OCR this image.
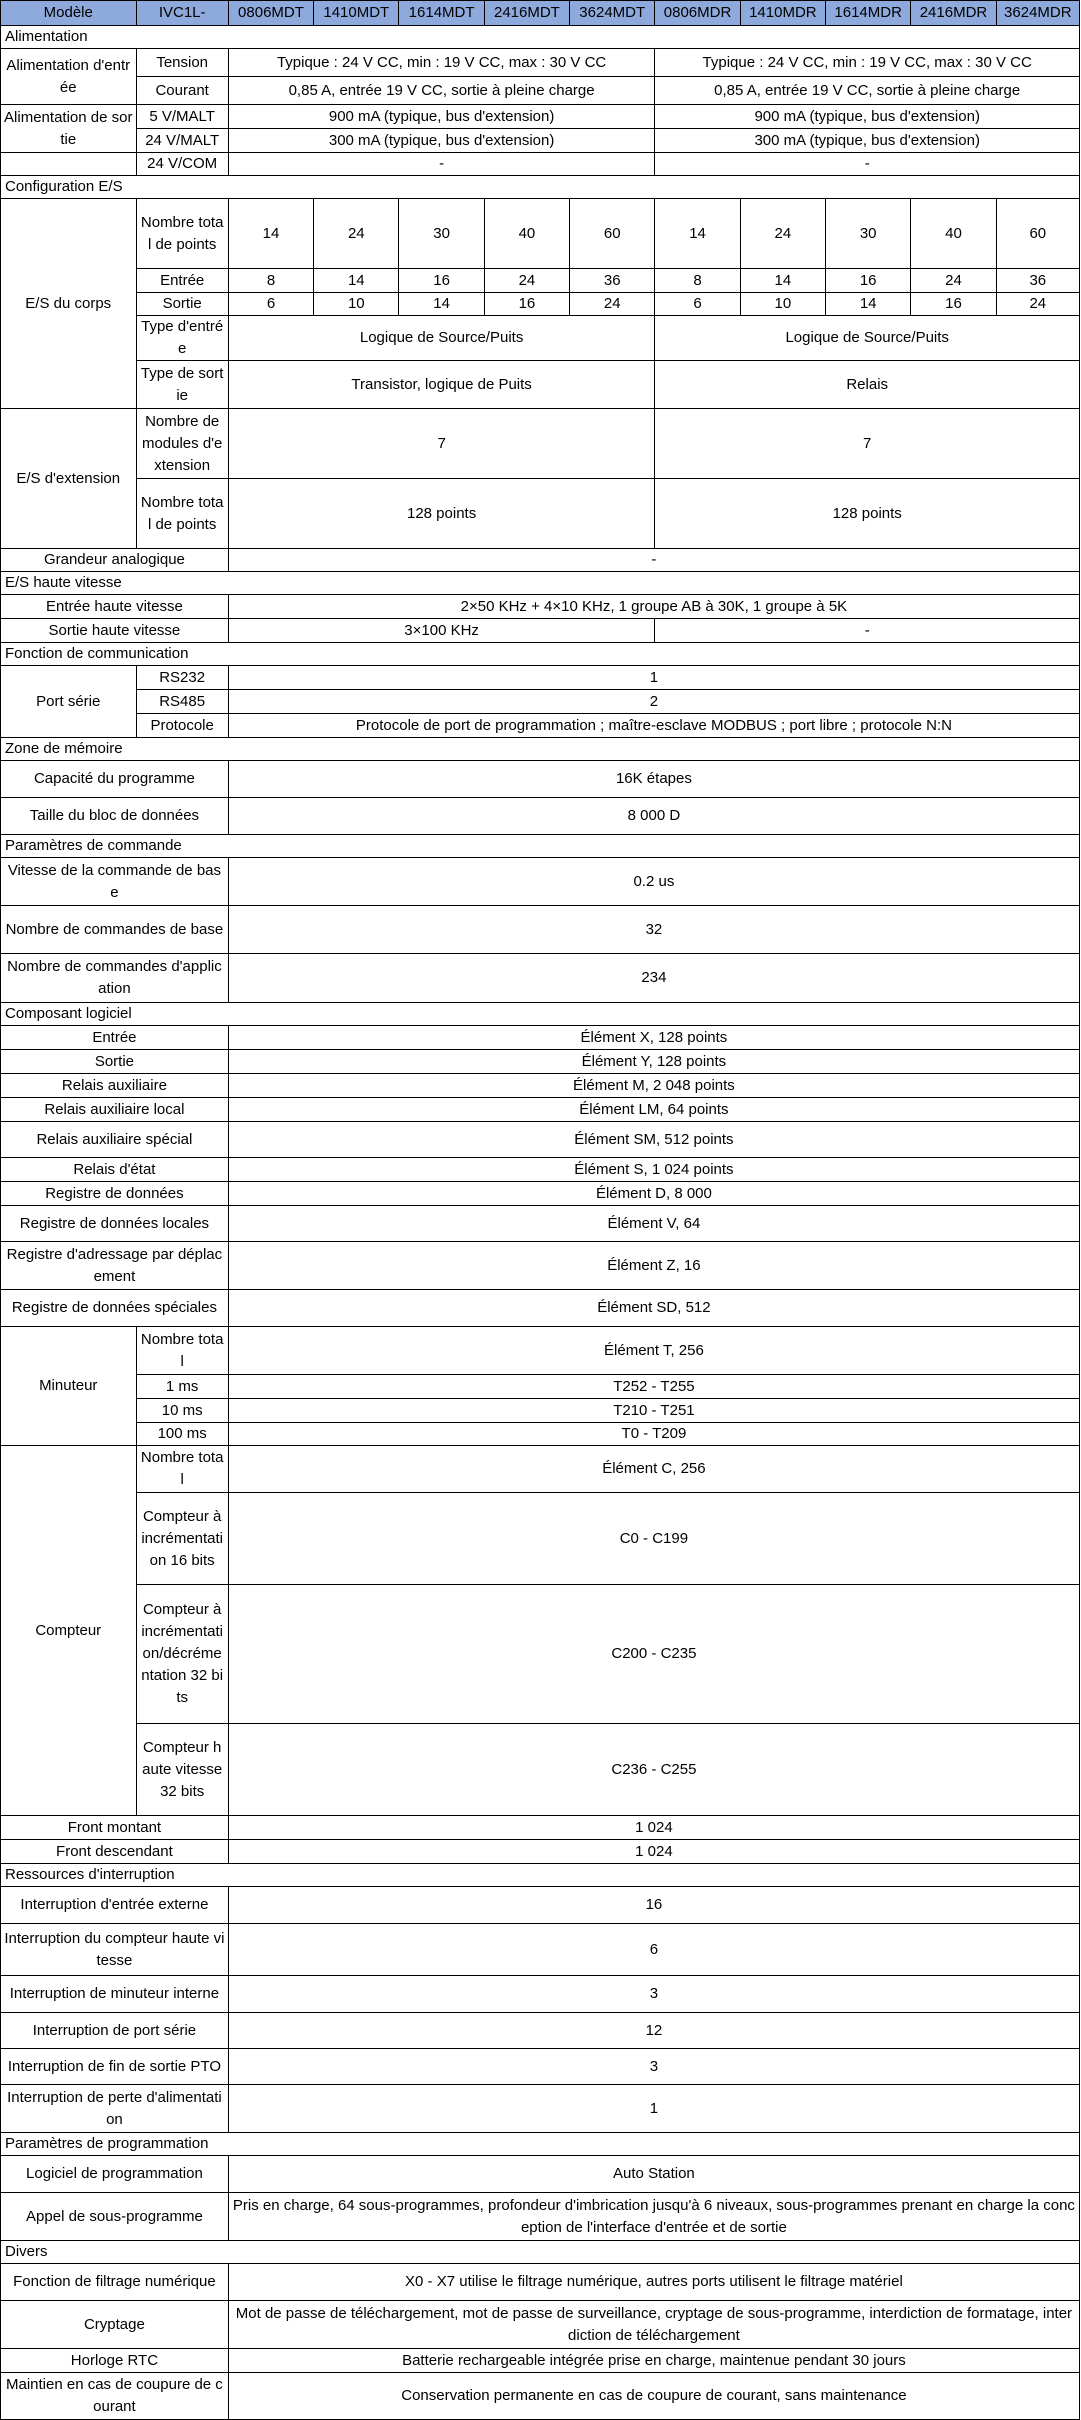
Modèle	IVC1L-	0806MDT	1410MDT	1614MDT	2416MDT	3624MDT	0806MDR	1410MDR	1614MDR	2416MDR	3624MDR
Alimentation											
Alimentation d'entrée	Tension	Typique : 24 V CC, min : 19 V CC, max : 30 V CC					Typique : 24 V CC, min : 19 V CC, max : 30 V CC				
	Courant	0,85 A, entrée 19 V CC, sortie à pleine charge					0,85 A, entrée 19 V CC, sortie à pleine charge				
Alimentation de sortie	5 V/MALT	900 mA (typique, bus d'extension)					900 mA (typique, bus d'extension)				
	24 V/MALT	300 mA (typique, bus d'extension)					300 mA (typique, bus d'extension)				
	24 V/COM	-					-				
Configuration E/S											
E/S du corps	Nombre total de points	14	24	30	40	60	14	24	30	40	60
	Entrée	8	14	16	24	36	8	14	16	24	36
	Sortie	6	10	14	16	24	6	10	14	16	24
	Type d'entrée	Logique de Source/Puits					Logique de Source/Puits				
	Type de sortie	Transistor, logique de Puits					Relais				
E/S d'extension	Nombre de modules d'extension	7					7				
	Nombre total de points	128 points					128 points				
Grandeur analogique		-									
E/S haute vitesse											
Entrée haute vitesse		2×50 KHz + 4×10 KHz, 1 groupe AB à 30K, 1 groupe à 5K									
Sortie haute vitesse		3×100 KHz					-				
Fonction de communication											
Port série	RS232	1									
	RS485	2									
	Protocole	Protocole de port de programmation ; maître-esclave MODBUS ; port libre ; protocole N:N									
Zone de mémoire											
Capacité du programme		16K étapes									
Taille du bloc de données		8 000 D									
Paramètres de commande											
Vitesse de la commande de base		0.2 us									
Nombre de commandes de base		32									
Nombre de commandes d'application		234									
Composant logiciel											
Entrée		Élément X, 128 points									
Sortie		Élément Y, 128 points									
Relais auxiliaire		Élément M, 2 048 points									
Relais auxiliaire local		Élément LM, 64 points									
Relais auxiliaire spécial		Élément SM, 512 points									
Relais d'état		Élément S, 1 024 points									
Registre de données		Élément D, 8 000									
Registre de données locales		Élément V, 64									
Registre d'adressage par déplacement		Élément Z, 16									
Registre de données spéciales		Élément SD, 512									
Minuteur	Nombre total	Élément T, 256									
	1 ms	T252 - T255									
	10 ms	T210 - T251									
	100 ms	T0 - T209									
Compteur	Nombre total	Élément C, 256									
	Compteur à incrémentation 16 bits	C0 - C199									
	Compteur à incrémentation/décrémentation 32 bits	C200 - C235									
	Compteur haute vitesse 32 bits	C236 - C255									
Front montant		1 024									
Front descendant		1 024									
Ressources d'interruption											
Interruption d'entrée externe		16									
Interruption du compteur haute vitesse		6									
Interruption de minuteur interne		3									
Interruption de port série		12									
Interruption de fin de sortie PTO		3									
Interruption de perte d'alimentation		1									
Paramètres de programmation											
Logiciel de programmation		Auto Station									
Appel de sous-programme		Pris en charge, 64 sous-programmes, profondeur d'imbrication jusqu'à 6 niveaux, sous-programmes prenant en charge la conception de l'interface d'entrée et de sortie									
Divers											
Fonction de filtrage numérique		X0 - X7 utilise le filtrage numérique, autres ports utilisent le filtrage matériel									
Cryptage		Mot de passe de téléchargement, mot de passe de surveillance, cryptage de sous-programme, interdiction de formatage, interdiction de téléchargement									
Horloge RTC		Batterie rechargeable intégrée prise en charge, maintenue pendant 30 jours									
Maintien en cas de coupure de courant		Conservation permanente en cas de coupure de courant, sans maintenance									
